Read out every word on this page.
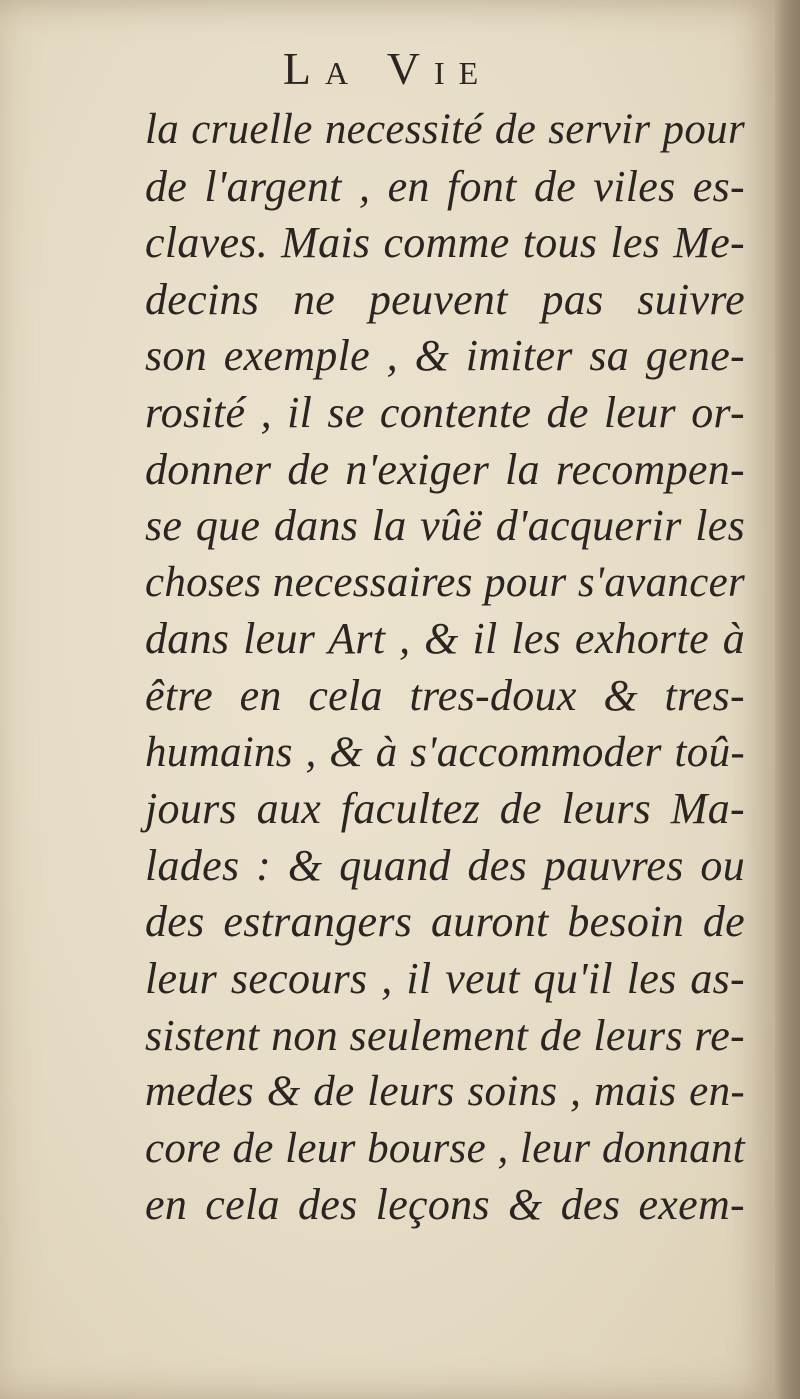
La Vie
la cruelle necessité de servir pour
de l'argent , en font de viles es-
claves. Mais comme tous les Me-
decins ne peuvent pas suivre
son exemple , & imiter sa gene-
rosité , il se contente de leur or-
donner de n'exiger la recompen-
se que dans la vûë d'acquerir les
choses necessaires pour s'avancer
dans leur Art , & il les exhorte à
être en cela tres-doux & tres-
humains , & à s'accommoder toû-
jours aux facultez de leurs Ma-
lades : & quand des pauvres ou
des estrangers auront besoin de
leur secours , il veut qu'il les as-
sistent non seulement de leurs re-
medes & de leurs soins , mais en-
core de leur bourse , leur donnant
en cela des leçons & des exem-
